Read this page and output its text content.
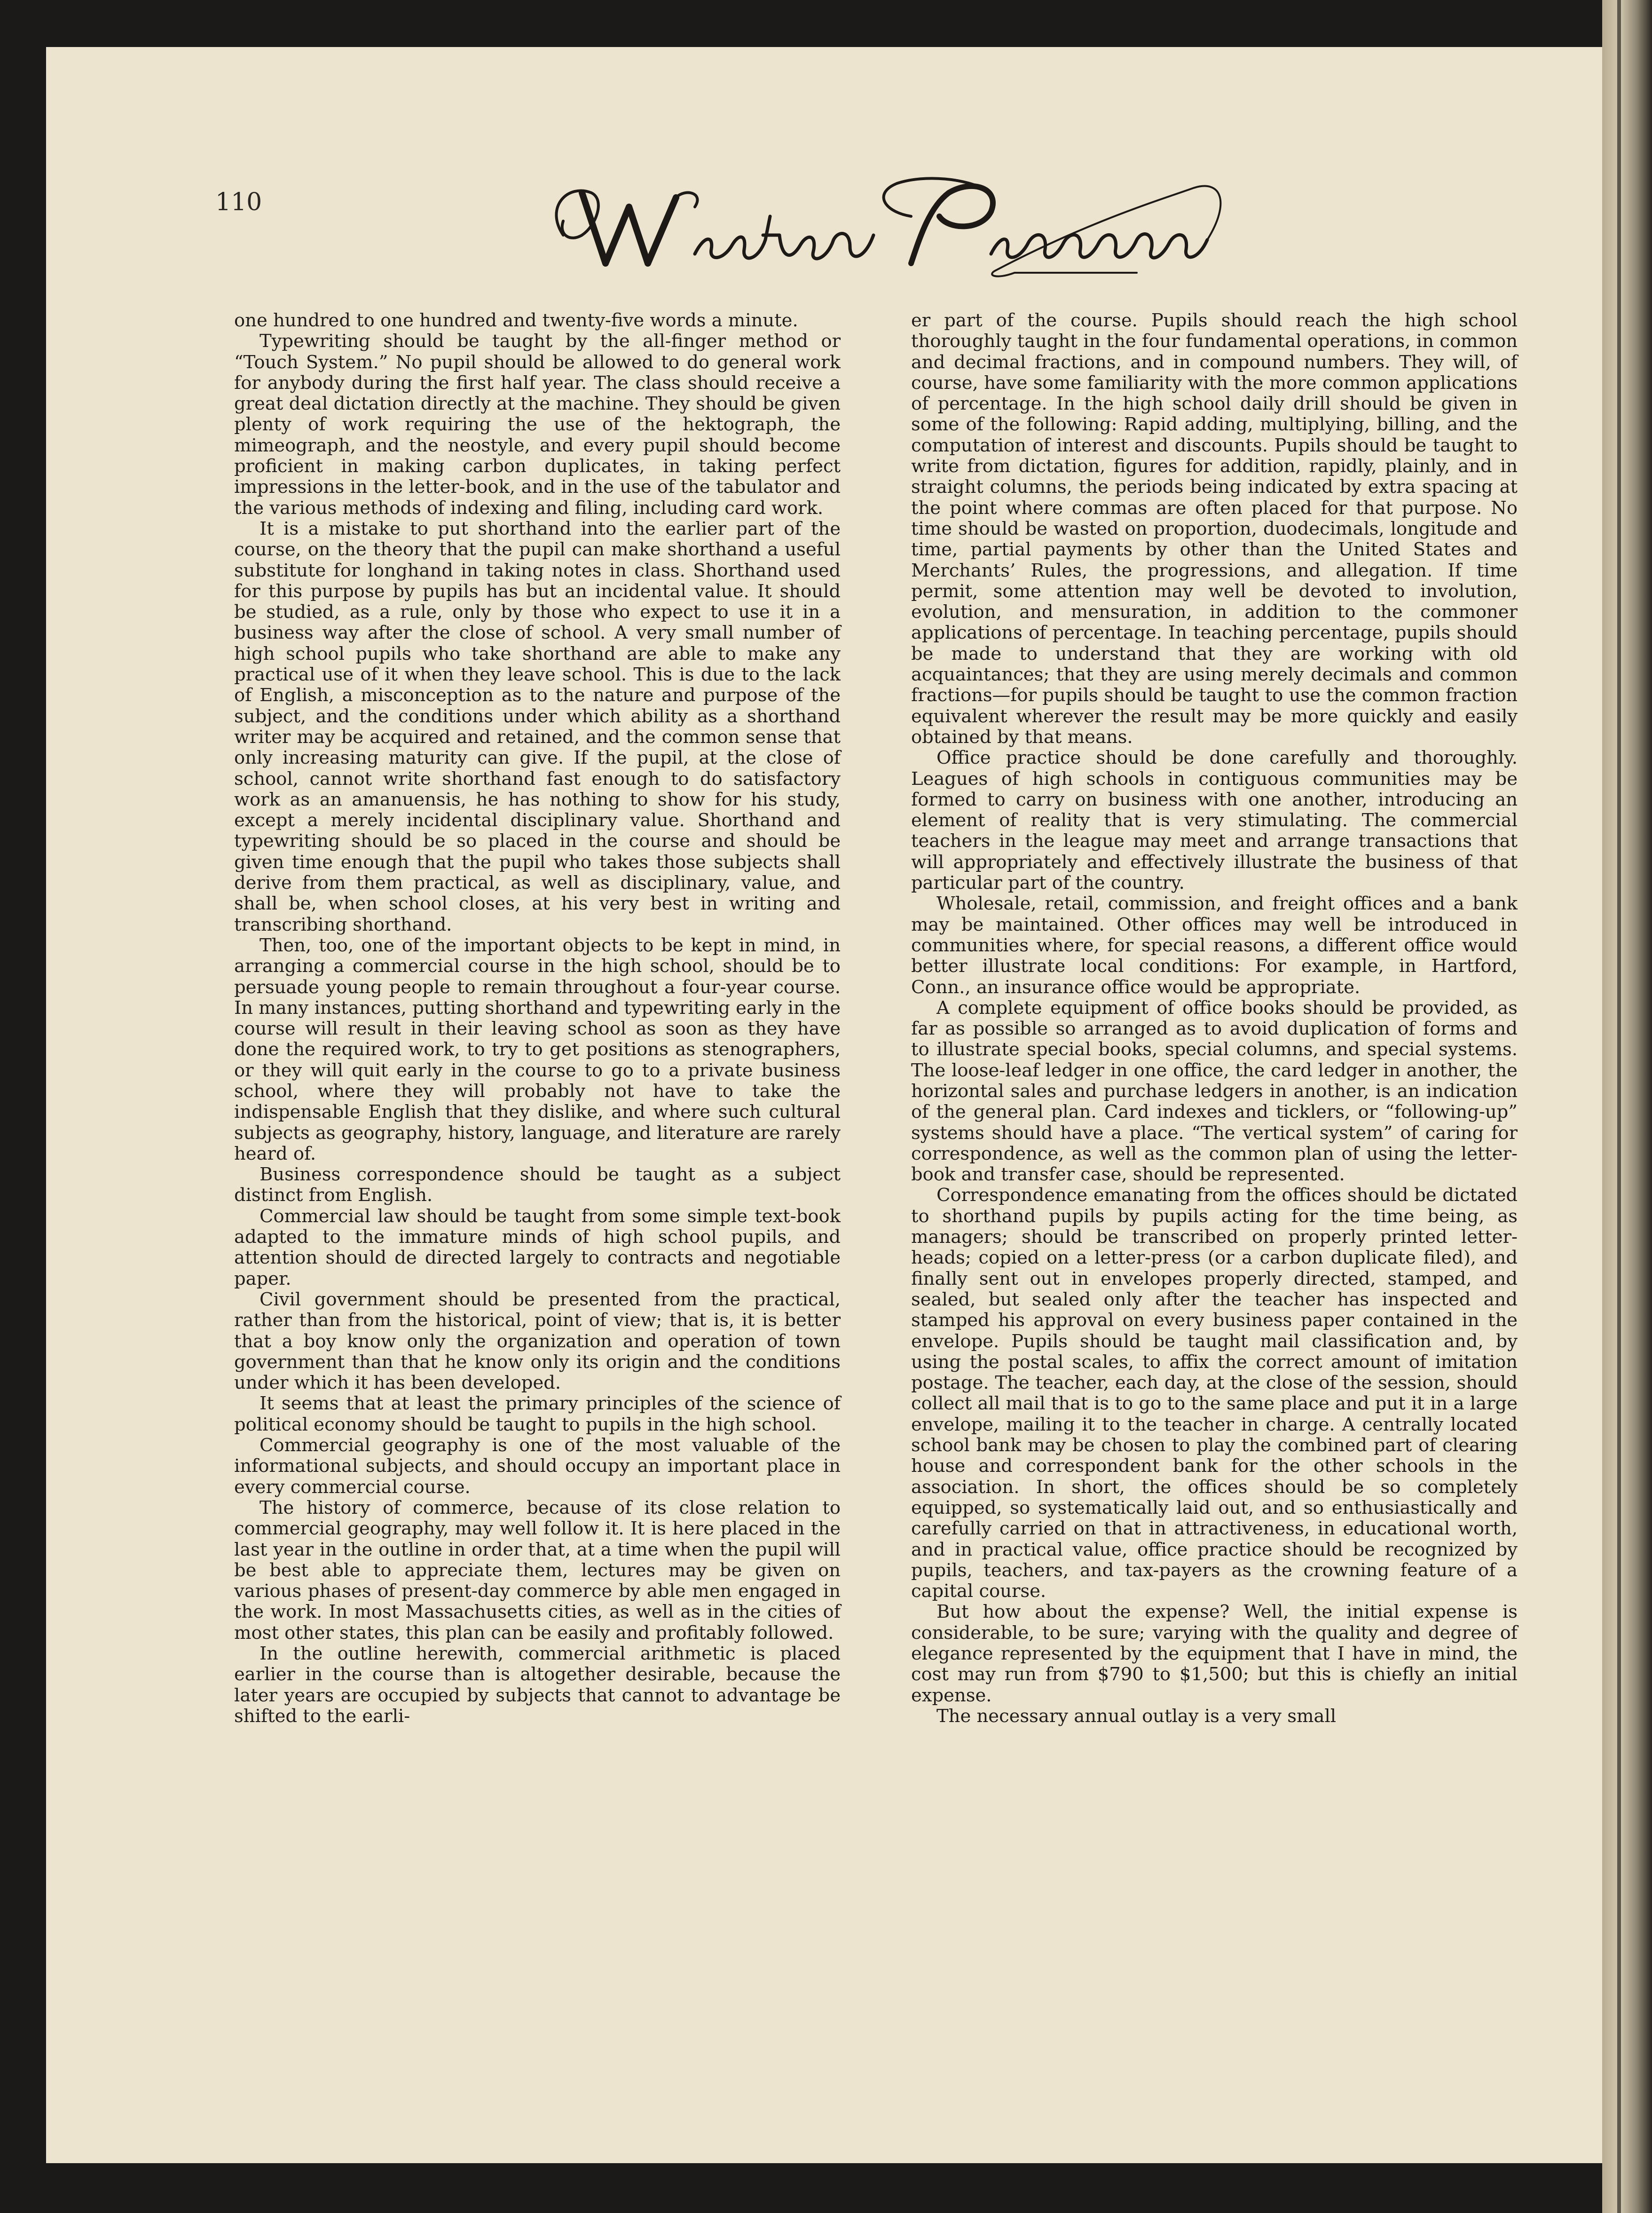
110

one hundred to one hundred and twenty-five words a minute.

Typewriting should be taught by the all-finger method or “Touch System.” No pupil should be allowed to do general work for anybody during the first half year. The class should receive a great deal dictation directly at the machine. They should be given plenty of work requiring the use of the hektograph, the mimeograph, and the neostyle, and every pupil should become proficient in making carbon duplicates, in taking perfect impressions in the letter-book, and in the use of the tabulator and the various methods of indexing and filing, including card work.

It is a mistake to put shorthand into the earlier part of the course, on the theory that the pupil can make shorthand a useful substitute for longhand in taking notes in class. Shorthand used for this purpose by pupils has but an incidental value. It should be studied, as a rule, only by those who expect to use it in a business way after the close of school. A very small number of high school pupils who take shorthand are able to make any practical use of it when they leave school. This is due to the lack of English, a misconception as to the nature and purpose of the subject, and the conditions under which ability as a shorthand writer may be acquired and retained, and the common sense that only increasing maturity can give. If the pupil, at the close of school, cannot write shorthand fast enough to do satisfactory work as an amanuensis, he has nothing to show for his study, except a merely incidental disciplinary value. Shorthand and typewriting should be so placed in the course and should be given time enough that the pupil who takes those subjects shall derive from them practical, as well as disciplinary, value, and shall be, when school closes, at his very best in writing and transcribing shorthand.

Then, too, one of the important objects to be kept in mind, in arranging a commercial course in the high school, should be to persuade young people to remain throughout a four-year course. In many instances, putting shorthand and typewriting early in the course will result in their leaving school as soon as they have done the required work, to try to get positions as stenographers, or they will quit early in the course to go to a private business school, where they will probably not have to take the indispensable English that they dislike, and where such cultural subjects as geography, history, language, and literature are rarely heard of.

Business correspondence should be taught as a subject distinct from English.

Commercial law should be taught from some simple text-book adapted to the immature minds of high school pupils, and attention should de directed largely to contracts and negotiable paper.

Civil government should be presented from the practical, rather than from the historical, point of view; that is, it is better that a boy know only the organization and operation of town government than that he know only its origin and the conditions under which it has been developed.

It seems that at least the primary principles of the science of political economy should be taught to pupils in the high school.

Commercial geography is one of the most valuable of the informational subjects, and should occupy an important place in every commercial course.

The history of commerce, because of its close relation to commercial geography, may well follow it. It is here placed in the last year in the outline in order that, at a time when the pupil will be best able to appreciate them, lectures may be given on various phases of present-day commerce by able men engaged in the work. In most Massachusetts cities, as well as in the cities of most other states, this plan can be easily and profitably followed.

In the outline herewith, commercial arithmetic is placed earlier in the course than is altogether desirable, because the later years are occupied by subjects that cannot to advantage be shifted to the earli-

er part of the course. Pupils should reach the high school thoroughly taught in the four fundamental operations, in common and decimal fractions, and in compound numbers. They will, of course, have some familiarity with the more common applications of percentage. In the high school daily drill should be given in some of the following: Rapid adding, multiplying, billing, and the computation of interest and discounts. Pupils should be taught to write from dictation, figures for addition, rapidly, plainly, and in straight columns, the periods being indicated by extra spacing at the point where commas are often placed for that purpose. No time should be wasted on proportion, duodecimals, longitude and time, partial payments by other than the United States and Merchants’ Rules, the progressions, and allegation. If time permit, some attention may well be devoted to involution, evolution, and mensuration, in addition to the commoner applications of percentage. In teaching percentage, pupils should be made to understand that they are working with old acquaintances; that they are using merely decimals and common fractions—for pupils should be taught to use the common fraction equivalent wherever the result may be more quickly and easily obtained by that means.

Office practice should be done carefully and thoroughly. Leagues of high schools in contiguous communities may be formed to carry on business with one another, introducing an element of reality that is very stimulating. The commercial teachers in the league may meet and arrange transactions that will appropriately and effectively illustrate the business of that particular part of the country.

Wholesale, retail, commission, and freight offices and a bank may be maintained. Other offices may well be introduced in communities where, for special reasons, a different office would better illustrate local conditions: For example, in Hartford, Conn., an insurance office would be appropriate.

A complete equipment of office books should be provided, as far as possible so arranged as to avoid duplication of forms and to illustrate special books, special columns, and special systems. The loose-leaf ledger in one office, the card ledger in another, the horizontal sales and purchase ledgers in another, is an indication of the general plan. Card indexes and ticklers, or “following-up” systems should have a place. “The vertical system” of caring for correspondence, as well as the common plan of using the letter-book and transfer case, should be represented.

Correspondence emanating from the offices should be dictated to shorthand pupils by pupils acting for the time being, as managers; should be transcribed on properly printed letter-heads; copied on a letter-press (or a carbon duplicate filed), and finally sent out in envelopes properly directed, stamped, and sealed, but sealed only after the teacher has inspected and stamped his approval on every business paper contained in the envelope. Pupils should be taught mail classification and, by using the postal scales, to affix the correct amount of imitation postage. The teacher, each day, at the close of the session, should collect all mail that is to go to the same place and put it in a large envelope, mailing it to the teacher in charge. A centrally located school bank may be chosen to play the combined part of clearing house and correspondent bank for the other schools in the association. In short, the offices should be so completely equipped, so systematically laid out, and so enthusiastically and carefully carried on that in attractiveness, in educational worth, and in practical value, office practice should be recognized by pupils, teachers, and tax-payers as the crowning feature of a capital course.

But how about the expense? Well, the initial expense is considerable, to be sure; varying with the quality and degree of elegance represented by the equipment that I have in mind, the cost may run from $790 to $1,500; but this is chiefly an initial expense.

The necessary annual outlay is a very small
